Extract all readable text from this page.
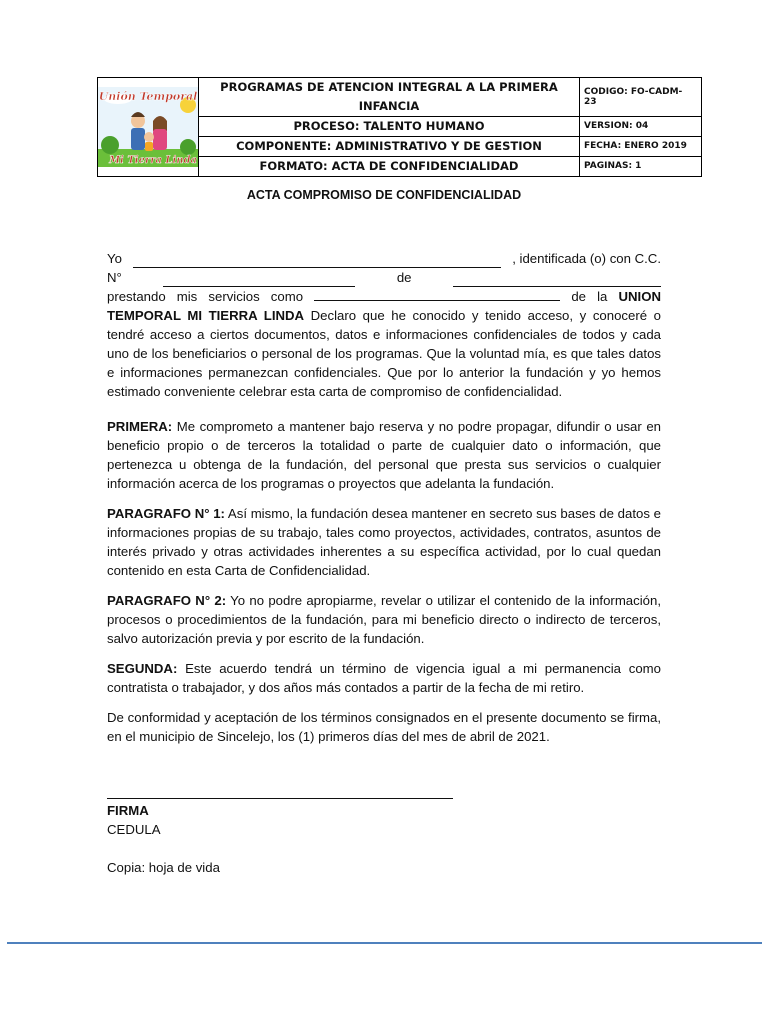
Unión Temporal
Mi Tierra Linda	PROGRAMAS DE ATENCION INTEGRAL A LA PRIMERA INFANCIA	CODIGO: FO-CADM- 23
	PROCESO: TALENTO HUMANO	VERSION: 04
	COMPONENTE: ADMINISTRATIVO Y DE GESTION	FECHA: ENERO 2019
	FORMATO: ACTA DE CONFIDENCIALIDAD	PAGINAS: 1
ACTA COMPROMISO DE CONFIDENCIALIDAD
Yo	, identificada (o) con C.C.
N°	de

prestando mis servicios como	de la UNION TEMPORAL MI TIERRA LINDA Declaro que he conocido y tenido acceso, y conoceré o tendré acceso a ciertos documentos, datos e informaciones confidenciales de todos y cada uno de los beneficiarios o personal de los programas. Que la voluntad mía, es que tales datos e informaciones permanezcan confidenciales. Que por lo anterior la fundación y yo hemos estimado conveniente celebrar esta carta de compromiso de confidencialidad.

PRIMERA: Me comprometo a mantener bajo reserva y no podre propagar, difundir o usar en beneficio propio o de terceros la totalidad o parte de cualquier dato o información, que pertenezca u obtenga de la fundación, del personal que presta sus servicios o cualquier información acerca de los programas o proyectos que adelanta la fundación.

PARAGRAFO N° 1: Así mismo, la fundación desea mantener en secreto sus bases de datos e informaciones propias de su trabajo, tales como proyectos, actividades, contratos, asuntos de interés privado y otras actividades inherentes a su específica actividad, por lo cual quedan contenido en esta Carta de Confidencialidad.

PARAGRAFO N° 2: Yo no podre apropiarme, revelar o utilizar el contenido de la información, procesos o procedimientos de la fundación, para mi beneficio directo o indirecto de terceros, salvo autorización previa y por escrito de la fundación.

SEGUNDA: Este acuerdo tendrá un término de vigencia igual a mi permanencia como contratista o trabajador, y dos años más contados a partir de la fecha de mi retiro.

De conformidad y aceptación de los términos consignados en el presente documento se firma, en el municipio de Sincelejo, los (1) primeros días del mes de abril de 2021.

FIRMA
CEDULA
Copia: hoja de vida
